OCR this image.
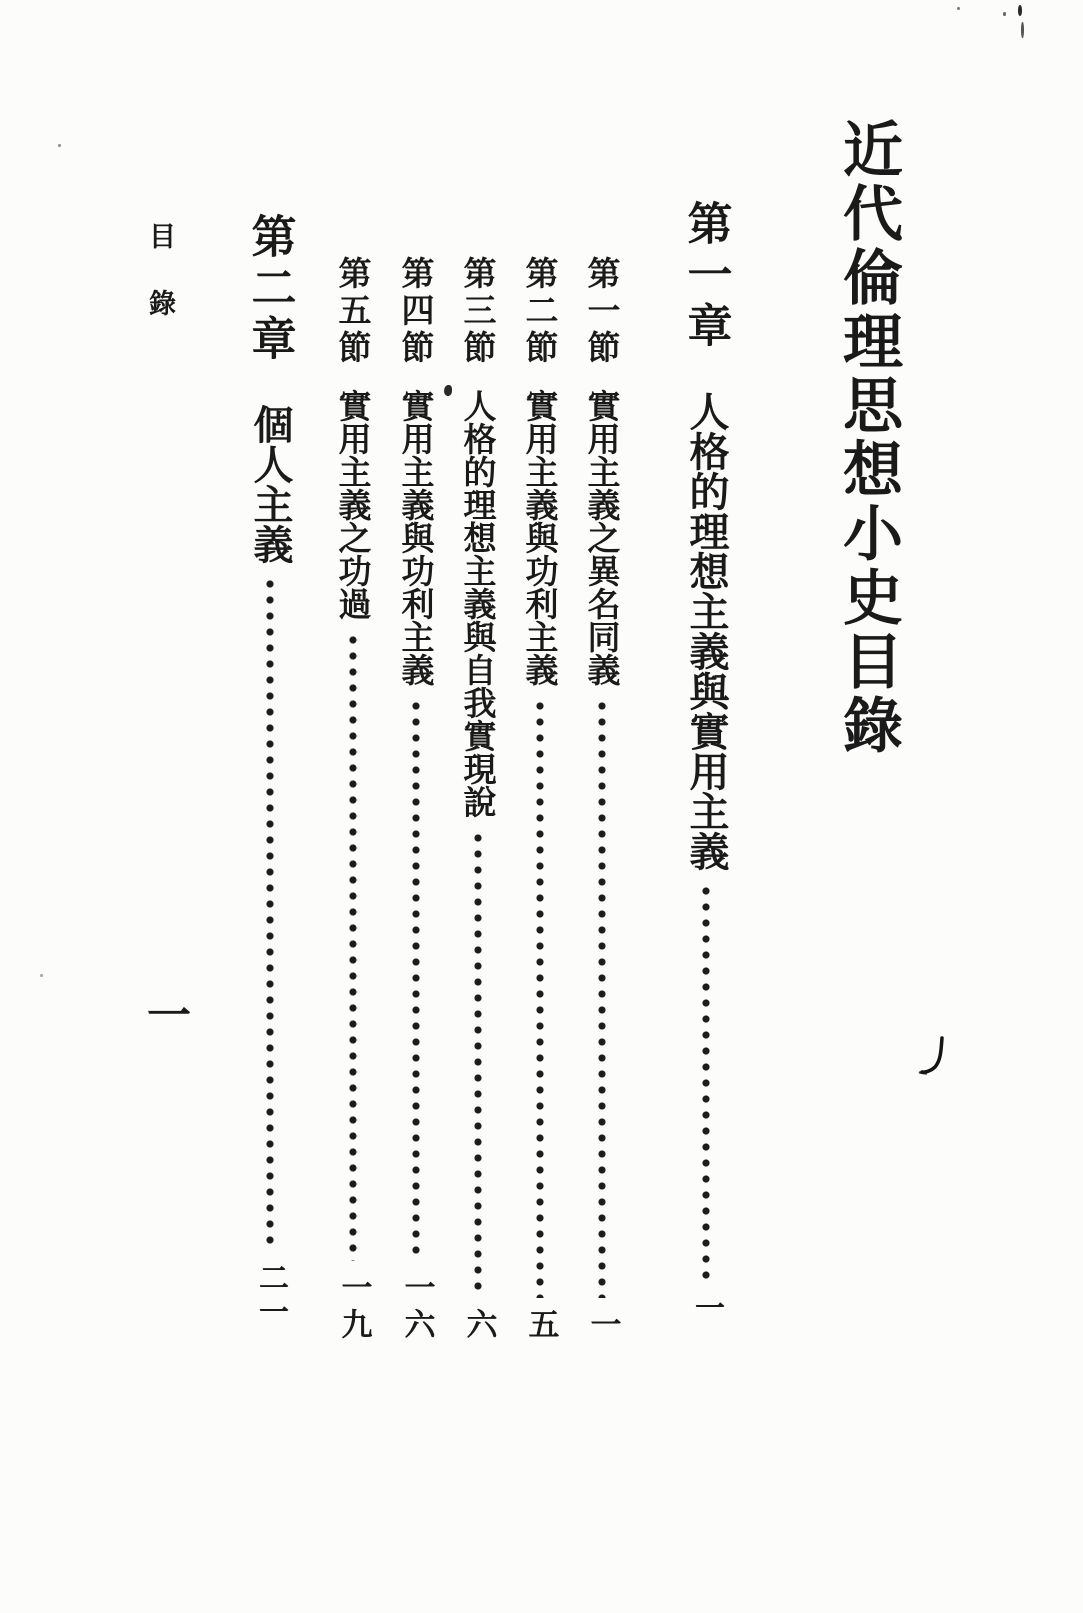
近代倫理思想小史目錄
第一章
人格的理想主義與實用主義
一
第一節
實用主義之異名同義
一
第二節
實用主義與功利主義
五
第三節
人格的理想主義與自我實現說
六
第四節
實用主義與功利主義
一六
第五節
實用主義之功過
一九
第二章
個人主義
二一
目錄
一
